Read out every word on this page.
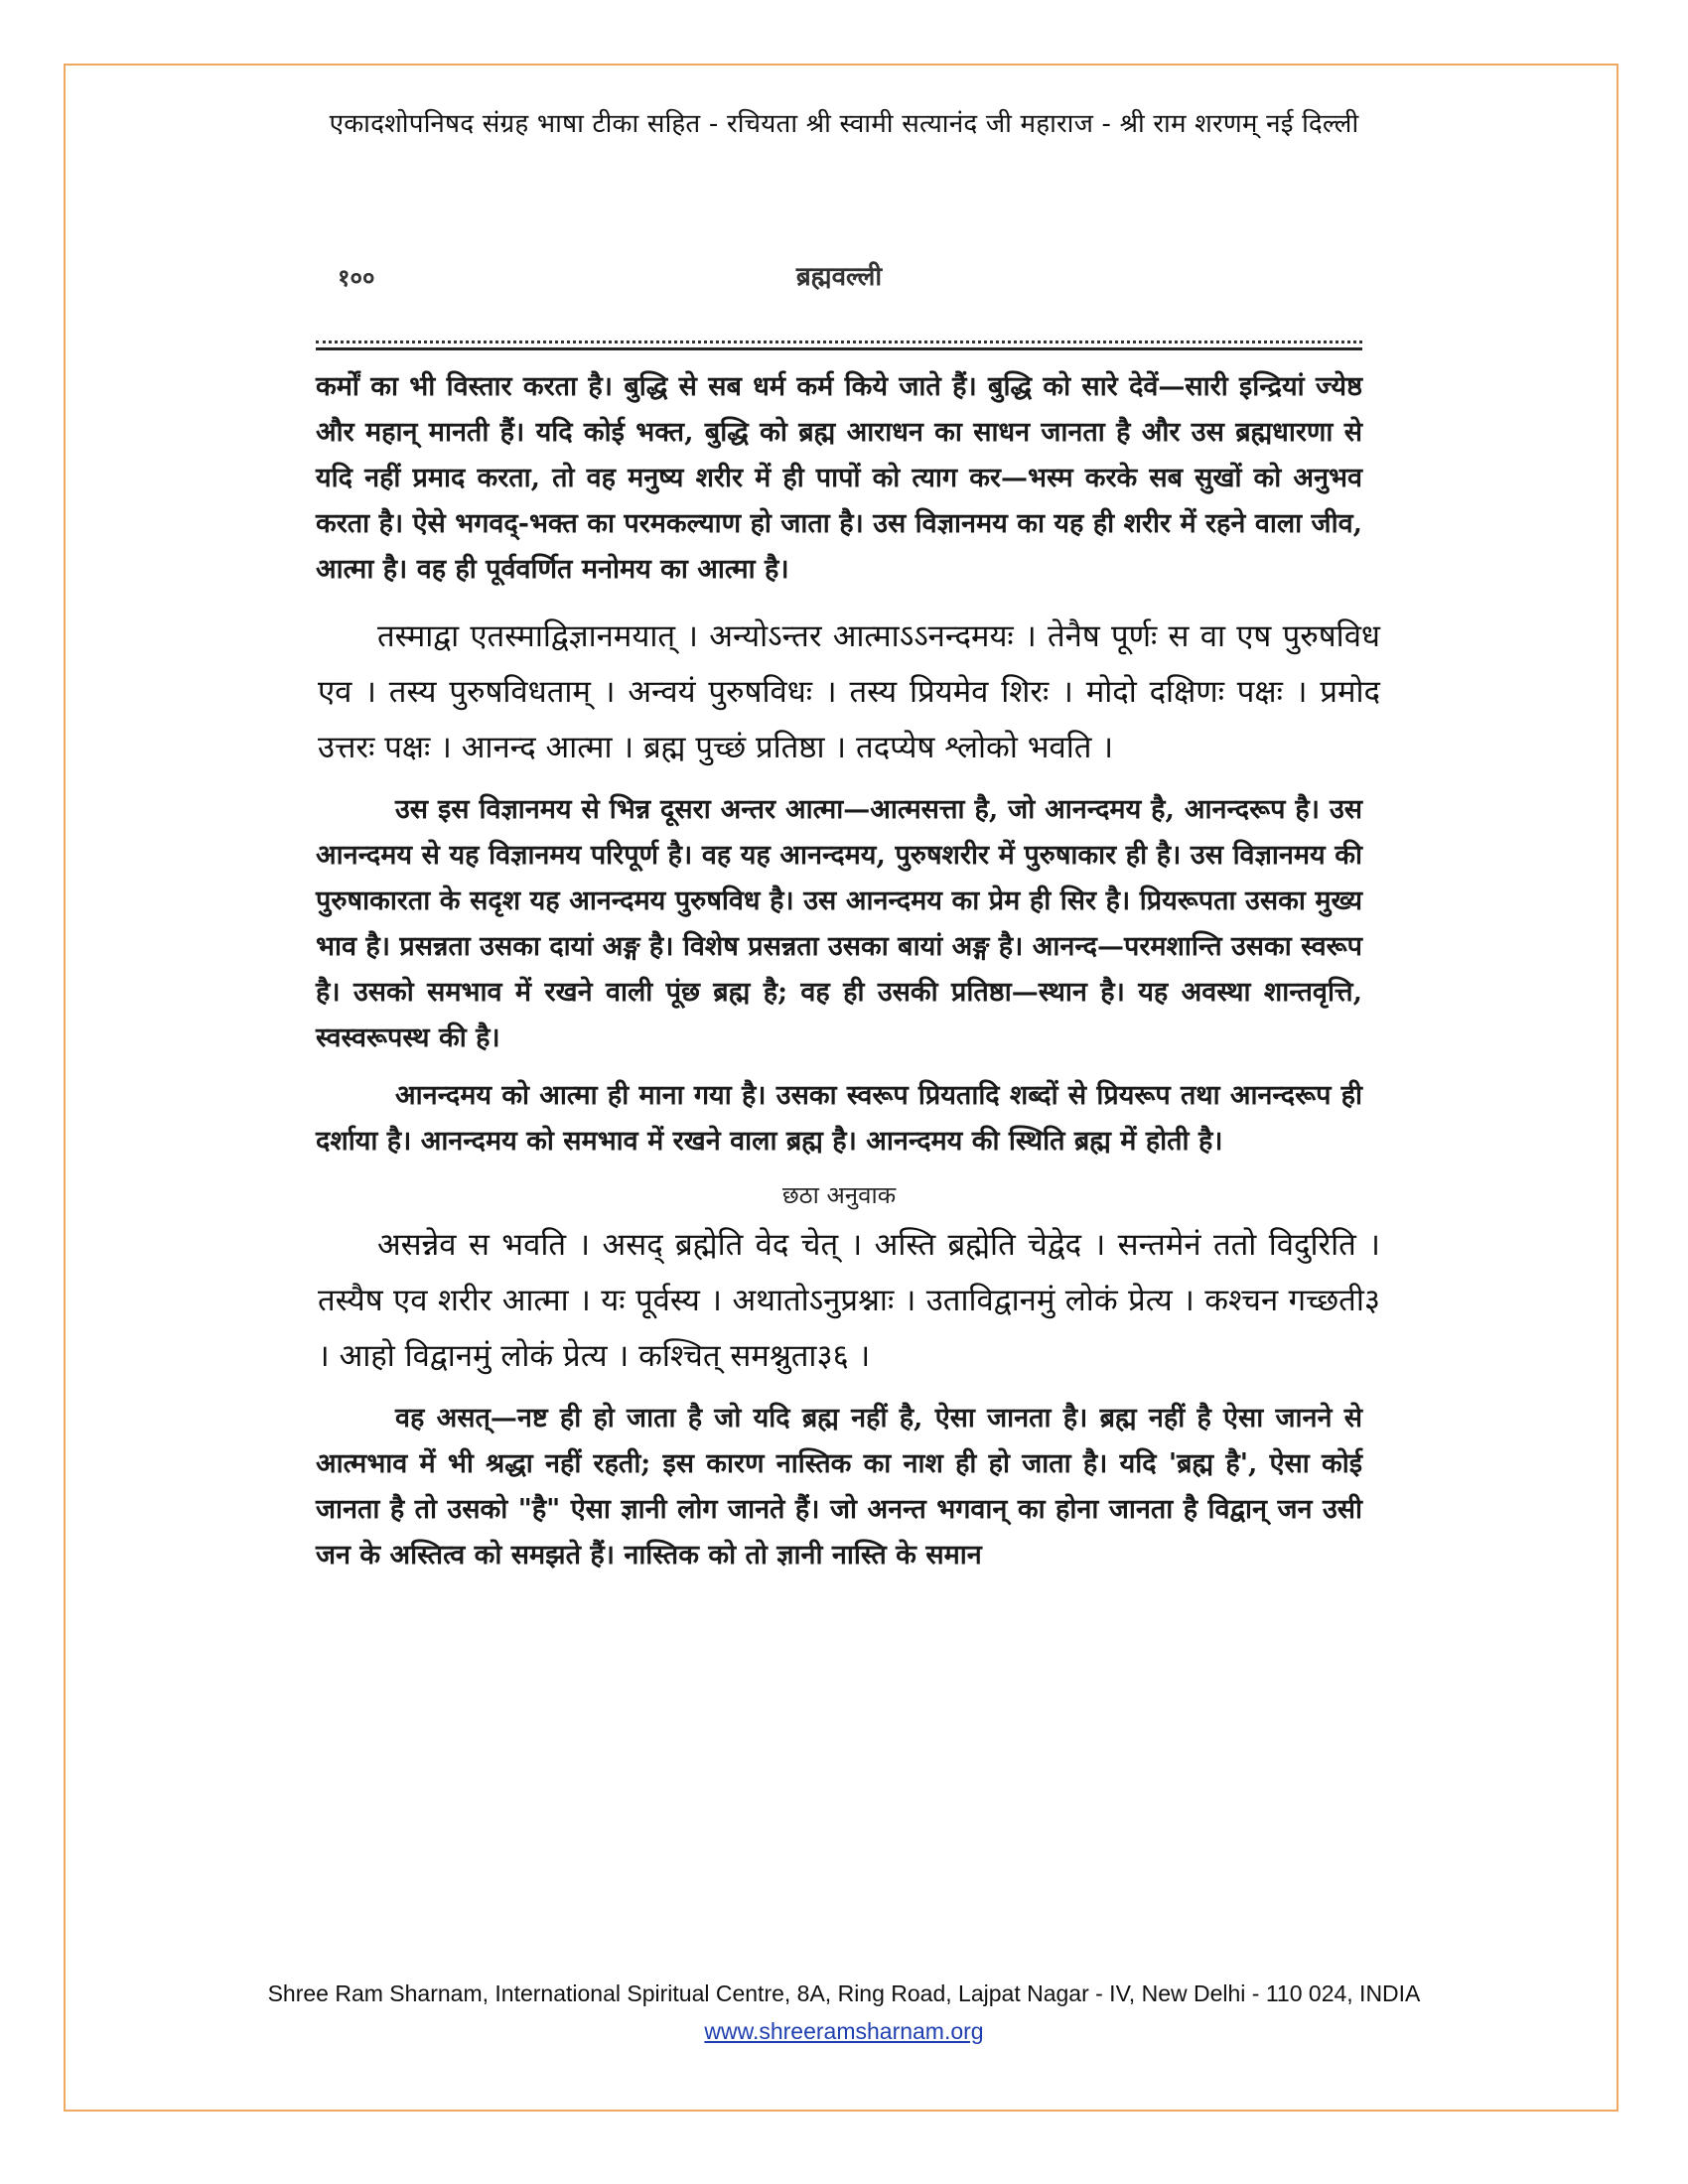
एकादशोपनिषद संग्रह भाषा टीका सहित - रचियता श्री स्वामी सत्यानंद जी महाराज - श्री राम शरणम् नई दिल्ली
१००	ब्रह्मवल्ली

कर्मों का भी विस्तार करता है। बुद्धि से सब धर्म कर्म किये जाते हैं। बुद्धि को सारे देवें—सारी इन्द्रियां ज्येष्ठ और महान् मानती हैं। यदि कोई भक्त, बुद्धि को ब्रह्म आराधन का साधन जानता है और उस ब्रह्मधारणा से यदि नहीं प्रमाद करता, तो वह मनुष्य शरीर में ही पापों को त्याग कर—भस्म करके सब सुखों को अनुभव करता है। ऐसे भगवद्-भक्त का परमकल्याण हो जाता है। उस विज्ञानमय का यह ही शरीर में रहने वाला जीव, आत्मा है। वह ही पूर्ववर्णित मनोमय का आत्मा है।

तस्माद्वा एतस्माद्विज्ञानमयात् । अन्योऽन्तर आत्माऽऽनन्दमयः । तेनैष पूर्णः स वा एष पुरुषविध एव । तस्य पुरुषविधताम् । अन्वयं पुरुषविधः । तस्य प्रियमेव शिरः । मोदो दक्षिणः पक्षः । प्रमोद उत्तरः पक्षः । आनन्द आत्मा । ब्रह्म पुच्छं प्रतिष्ठा । तदप्येष श्लोको भवति ।

उस इस विज्ञानमय से भिन्न दूसरा अन्तर आत्मा—आत्मसत्ता है, जो आनन्दमय है, आनन्दरूप है। उस आनन्दमय से यह विज्ञानमय परिपूर्ण है। वह यह आनन्दमय, पुरुषशरीर में पुरुषाकार ही है। उस विज्ञानमय की पुरुषाकारता के सदृश यह आनन्दमय पुरुषविध है। उस आनन्दमय का प्रेम ही सिर है। प्रियरूपता उसका मुख्य भाव है। प्रसन्नता उसका दायां अङ्ग है। विशेष प्रसन्नता उसका बायां अङ्ग है। आनन्द—परमशान्ति उसका स्वरूप है। उसको समभाव में रखने वाली पूंछ ब्रह्म है; वह ही उसकी प्रतिष्ठा—स्थान है। यह अवस्था शान्तवृत्ति, स्वस्वरूपस्थ की है।

आनन्दमय को आत्मा ही माना गया है। उसका स्वरूप प्रियतादि शब्दों से प्रियरूप तथा आनन्दरूप ही दर्शाया है। आनन्दमय को समभाव में रखने वाला ब्रह्म है। आनन्दमय की स्थिति ब्रह्म में होती है।

छठा अनुवाक

असन्नेव स भवति । असद् ब्रह्मेति वेद चेत् । अस्ति ब्रह्मेति चेद्वेद । सन्तमेनं ततो विदुरिति । तस्यैष एव शरीर आत्मा । यः पूर्वस्य । अथातोऽनुप्रश्नाः । उताविद्वानमुं लोकं प्रेत्य । कश्चन गच्छती३ । आहो विद्वानमुं लोकं प्रेत्य । कश्चित् समश्नुता३६ ।

वह असत्—नष्ट ही हो जाता है जो यदि ब्रह्म नहीं है, ऐसा जानता है। ब्रह्म नहीं है ऐसा जानने से आत्मभाव में भी श्रद्धा नहीं रहती; इस कारण नास्तिक का नाश ही हो जाता है। यदि 'ब्रह्म है', ऐसा कोई जानता है तो उसको "है" ऐसा ज्ञानी लोग जानते हैं। जो अनन्त भगवान् का होना जानता है विद्वान् जन उसी जन के अस्तित्व को समझते हैं। नास्तिक को तो ज्ञानी नास्ति के समान

Shree Ram Sharnam, International Spiritual Centre, 8A, Ring Road, Lajpat Nagar - IV, New Delhi - 110 024, INDIA
www.shreeramsharnam.org
